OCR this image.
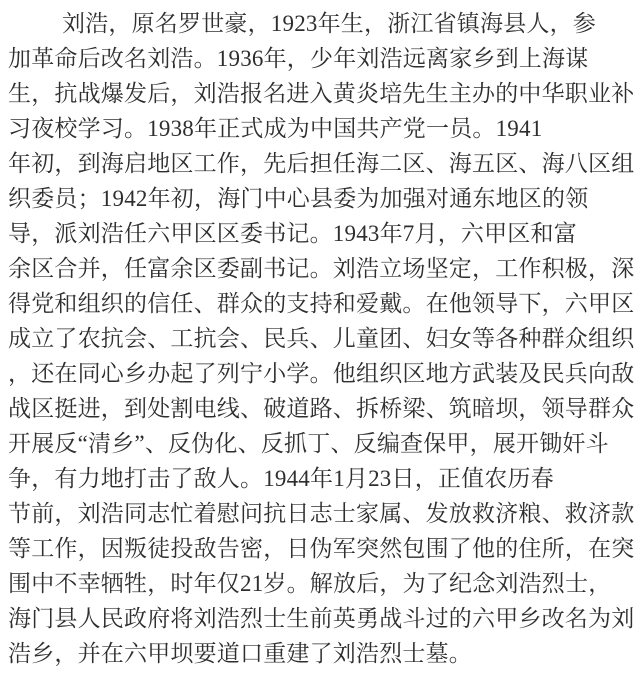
刘浩，原名罗世豪，1923年生，浙江省镇海县人，参
加革命后改名刘浩。1936年，少年刘浩远离家乡到上海谋
生，抗战爆发后，刘浩报名进入黄炎培先生主办的中华职业补
习夜校学习。1938年正式成为中国共产党一员。1941
年初，到海启地区工作，先后担任海二区、海五区、海八区组
织委员；1942年初，海门中心县委为加强对通东地区的领
导，派刘浩任六甲区区委书记。1943年7月，六甲区和富
余区合并，任富余区委副书记。刘浩立场坚定，工作积极，深
得党和组织的信任、群众的支持和爱戴。在他领导下，六甲区
成立了农抗会、工抗会、民兵、儿童团、妇女等各种群众组织
，还在同心乡办起了列宁小学。他组织区地方武装及民兵向敌
战区挺进，到处割电线、破道路、拆桥梁、筑暗坝，领导群众
开展反“清乡”、反伪化、反抓丁、反编查保甲，展开锄奸斗
争，有力地打击了敌人。1944年1月23日，正值农历春
节前，刘浩同志忙着慰问抗日志士家属、发放救济粮、救济款
等工作，因叛徒投敌告密，日伪军突然包围了他的住所，在突
围中不幸牺牲，时年仅21岁。解放后，为了纪念刘浩烈士，
海门县人民政府将刘浩烈士生前英勇战斗过的六甲乡改名为刘
浩乡，并在六甲坝要道口重建了刘浩烈士墓。
